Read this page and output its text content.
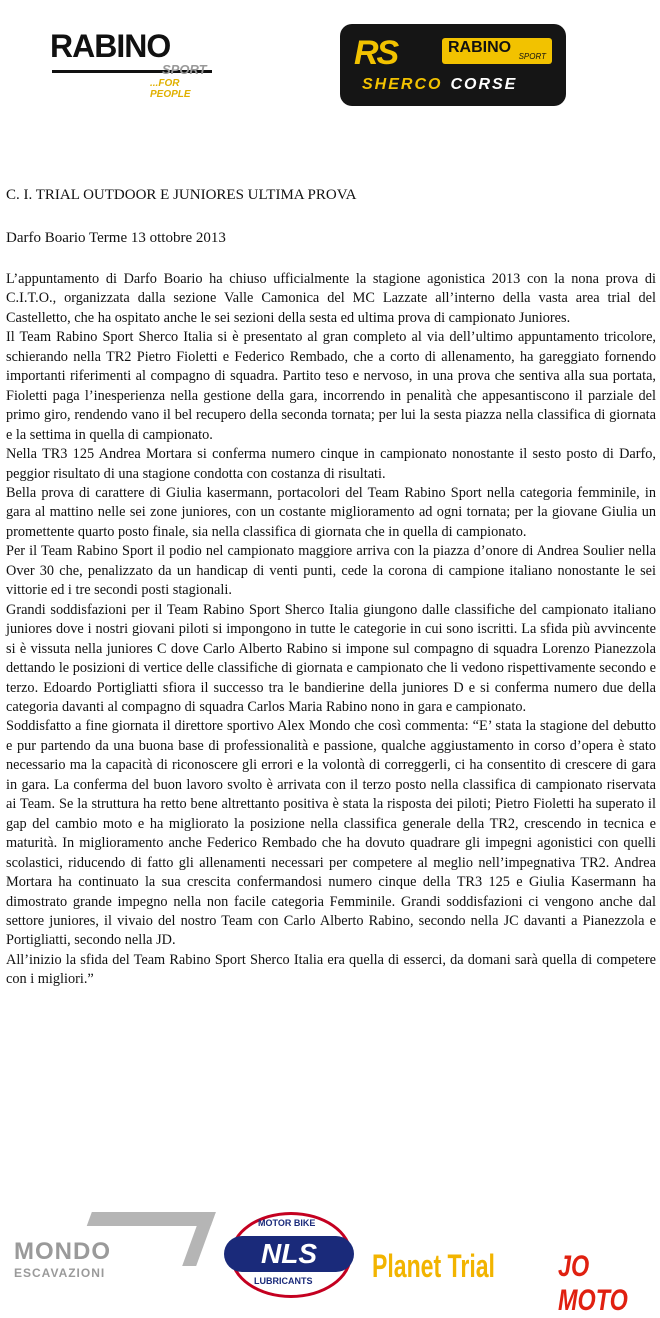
RABINO
SPORT
...FOR PEOPLE
RS	RABINO
SPORT
SHERCO CORSE
C. I. TRIAL OUTDOOR E JUNIORES ULTIMA PROVA
Darfo Boario Terme 13 ottobre 2013

L’appuntamento di Darfo Boario ha chiuso ufficialmente la stagione agonistica 2013 con la nona prova di C.I.T.O., organizzata dalla sezione Valle Camonica del MC Lazzate all’interno della vasta area trial del Castelletto, che ha ospitato anche le sei sezioni della sesta ed ultima prova di campionato Juniores.

Il Team Rabino Sport Sherco Italia si è presentato al gran completo al via dell’ultimo appuntamento tricolore, schierando nella TR2 Pietro Fioletti e Federico Rembado, che a corto di allenamento, ha gareggiato fornendo importanti riferimenti al compagno di squadra. Partito teso e nervoso, in una prova che sentiva alla sua portata, Fioletti paga l’inesperienza nella gestione della gara, incorrendo in penalità che appesantiscono il parziale del primo giro, rendendo vano il bel recupero della seconda tornata; per lui la sesta piazza nella classifica di giornata e la settima in quella di campionato.

Nella TR3 125 Andrea Mortara si conferma numero cinque in campionato nonostante il sesto posto di Darfo, peggior risultato di una stagione condotta con costanza di risultati.

Bella prova di carattere di Giulia kasermann, portacolori del Team Rabino Sport nella categoria femminile, in gara al mattino nelle sei zone juniores, con un costante miglioramento ad ogni tornata; per la giovane Giulia un promettente quarto posto finale, sia nella classifica di giornata che in quella di campionato.

Per il Team Rabino Sport il podio nel campionato maggiore arriva con la piazza d’onore di Andrea Soulier nella Over 30 che, penalizzato da un handicap di venti punti, cede la corona di campione italiano nonostante le sei vittorie ed i tre secondi posti stagionali.

Grandi soddisfazioni per il Team Rabino Sport Sherco Italia giungono dalle classifiche del campionato italiano juniores dove i nostri giovani piloti si impongono in tutte le categorie in cui sono iscritti. La sfida più avvincente si è vissuta nella juniores C dove Carlo Alberto Rabino si impone sul compagno di squadra Lorenzo Pianezzola dettando le posizioni di vertice delle classifiche di giornata e campionato che li vedono rispettivamente secondo e terzo. Edoardo Portigliatti sfiora il successo tra le bandierine della juniores D e si conferma numero due della categoria davanti al compagno di squadra Carlos Maria Rabino nono in gara e campionato.

Soddisfatto a fine giornata il direttore sportivo Alex Mondo che così commenta: “E’ stata la stagione del debutto e pur partendo da una buona base di professionalità e passione, qualche aggiustamento in corso d’opera è stato necessario ma la capacità di riconoscere gli errori e la volontà di correggerli, ci ha consentito di crescere di gara in gara. La conferma del buon lavoro svolto è arrivata con il terzo posto nella classifica di campionato riservata ai Team. Se la struttura ha retto bene altrettanto positiva è stata la risposta dei piloti; Pietro Fioletti ha superato il gap del cambio moto e ha migliorato la posizione nella classifica generale della TR2, crescendo in tecnica e maturità. In miglioramento anche Federico Rembado che ha dovuto quadrare gli impegni agonistici con quelli scolastici, riducendo di fatto gli allenamenti necessari per competere al meglio nell’impegnativa TR2. Andrea Mortara ha continuato la sua crescita confermandosi numero cinque della TR3 125 e Giulia Kasermann ha dimostrato grande impegno nella non facile categoria Femminile. Grandi soddisfazioni ci vengono anche dal settore juniores, il vivaio del nostro Team con Carlo Alberto Rabino, secondo nella JC davanti a Pianezzola e Portigliatti, secondo nella JD.

All’inizio la sfida del Team Rabino Sport Sherco Italia era quella di esserci, da domani sarà quella di competere con i migliori.”

MONDO
ESCAVAZIONI
MOTOR BIKE
NLS
LUBRICANTS Planet Trial JO MOTO
